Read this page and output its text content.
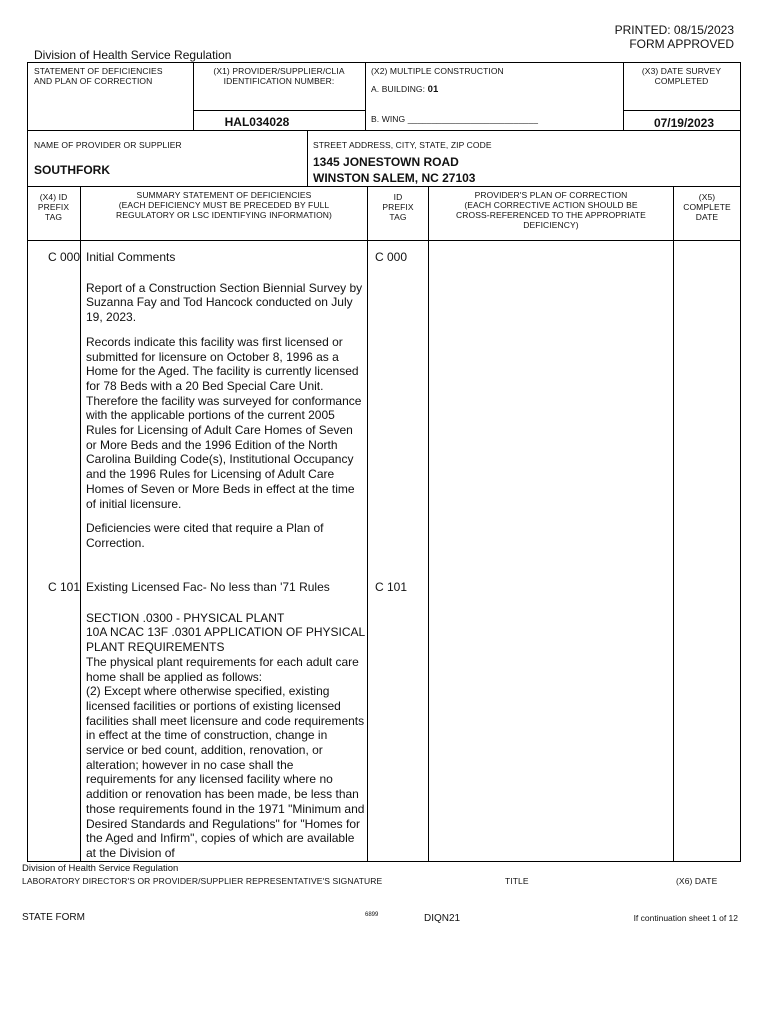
PRINTED: 08/15/2023
FORM APPROVED
Division of Health Service Regulation
STATEMENT OF DEFICIENCIES
AND PLAN OF CORRECTION
(X1) PROVIDER/SUPPLIER/CLIA
IDENTIFICATION NUMBER:
HAL034028
(X2) MULTIPLE CONSTRUCTION
A. BUILDING: 01
B. WING ___________________________
(X3) DATE SURVEY
COMPLETED
07/19/2023
NAME OF PROVIDER OR SUPPLIER
SOUTHFORK
STREET ADDRESS, CITY, STATE, ZIP CODE
1345 JONESTOWN ROAD
WINSTON SALEM, NC 27103
(X4) ID
PREFIX
TAG
SUMMARY STATEMENT OF DEFICIENCIES
(EACH DEFICIENCY MUST BE PRECEDED BY FULL
REGULATORY OR LSC IDENTIFYING INFORMATION)
ID
PREFIX
TAG
PROVIDER'S PLAN OF CORRECTION
(EACH CORRECTIVE ACTION SHOULD BE
CROSS-REFERENCED TO THE APPROPRIATE
DEFICIENCY)
(X5)
COMPLETE
DATE
C 000	C 000

Initial Comments

Report of a Construction Section Biennial Survey by Suzanna Fay and Tod Hancock conducted on July 19, 2023.

Records indicate this facility was first licensed or submitted for licensure on October 8, 1996 as a Home for the Aged. The facility is currently licensed for 78 Beds with a 20 Bed Special Care Unit. Therefore the facility was surveyed for conformance with the applicable portions of the current 2005 Rules for Licensing of Adult Care Homes of Seven or More Beds and the 1996 Edition of the North Carolina Building Code(s), Institutional Occupancy and the 1996 Rules for Licensing of Adult Care Homes of Seven or More Beds in effect at the time of initial licensure.

Deficiencies were cited that require a Plan of Correction.

C 101	C 101

Existing Licensed Fac- No less than '71 Rules

SECTION .0300 - PHYSICAL PLANT
10A NCAC 13F .0301 APPLICATION OF PHYSICAL PLANT REQUIREMENTS
The physical plant requirements for each adult care home shall be applied as follows:
(2) Except where otherwise specified, existing licensed facilities or portions of existing licensed facilities shall meet licensure and code requirements in effect at the time of construction, change in service or bed count, addition, renovation, or alteration; however in no case shall the requirements for any licensed facility where no addition or renovation has been made, be less than those requirements found in the 1971 "Minimum and Desired Standards and Regulations" for "Homes for the Aged and Infirm", copies of which are available at the Division of

Division of Health Service Regulation
LABORATORY DIRECTOR'S OR PROVIDER/SUPPLIER REPRESENTATIVE'S SIGNATURE	TITLE	(X6) DATE
STATE FORM	6899	DIQN21	If continuation sheet 1 of 12
